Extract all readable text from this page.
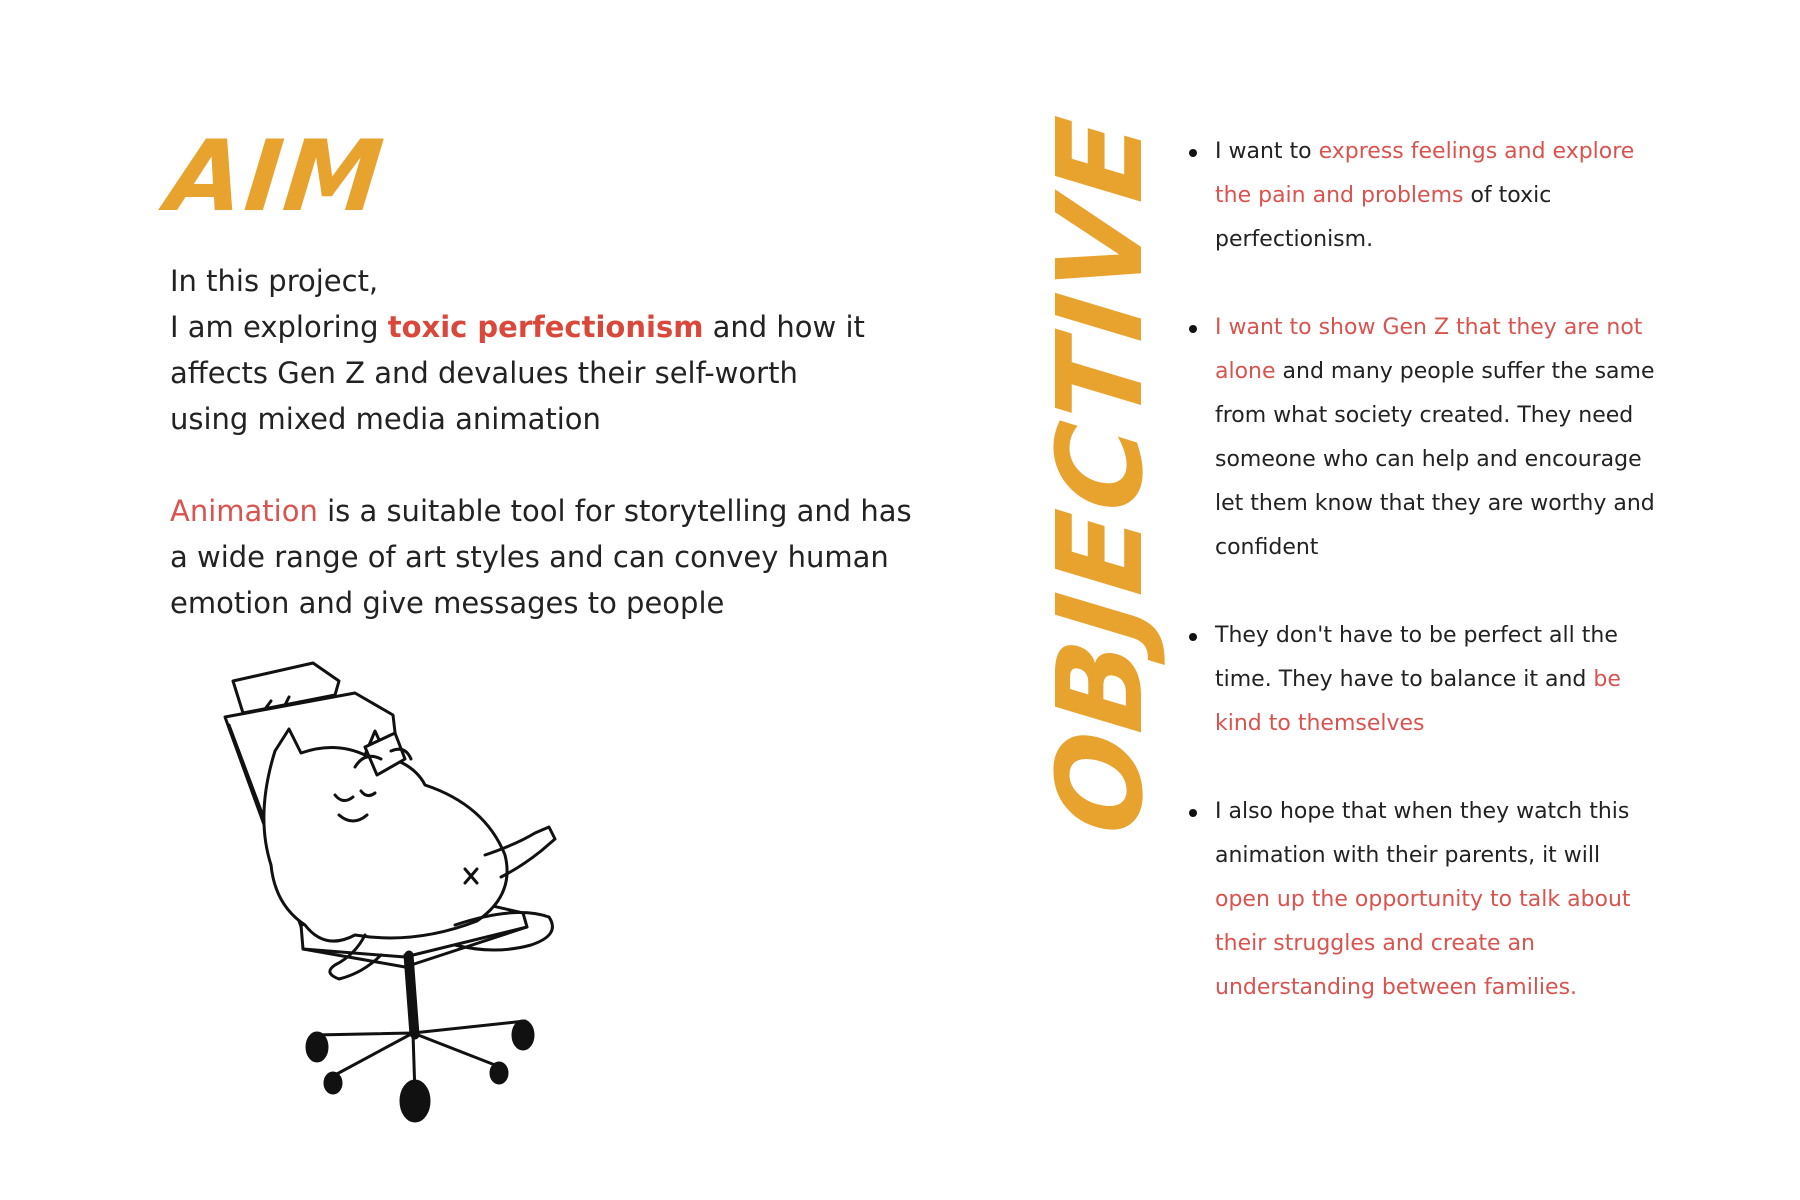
AIM

In this project,

I am exploring toxic perfectionism and how it affects Gen Z and devalues their self-worth

using mixed media animation

Animation is a suitable tool for storytelling and has a wide range of art styles and can convey human emotion and give messages to people	OBJECTIVE I want to express feelings and explore the pain and problems of toxic perfectionism.
I want to show Gen Z that they are not alone and many people suffer the same from what society created. They need someone who can help and encourage let them know that they are worthy and confident
They don't have to be perfect all the time. They have to balance it and be kind to themselves
I also hope that when they watch this animation with their parents, it will open up the opportunity to talk about their struggles and create an understanding between families.
